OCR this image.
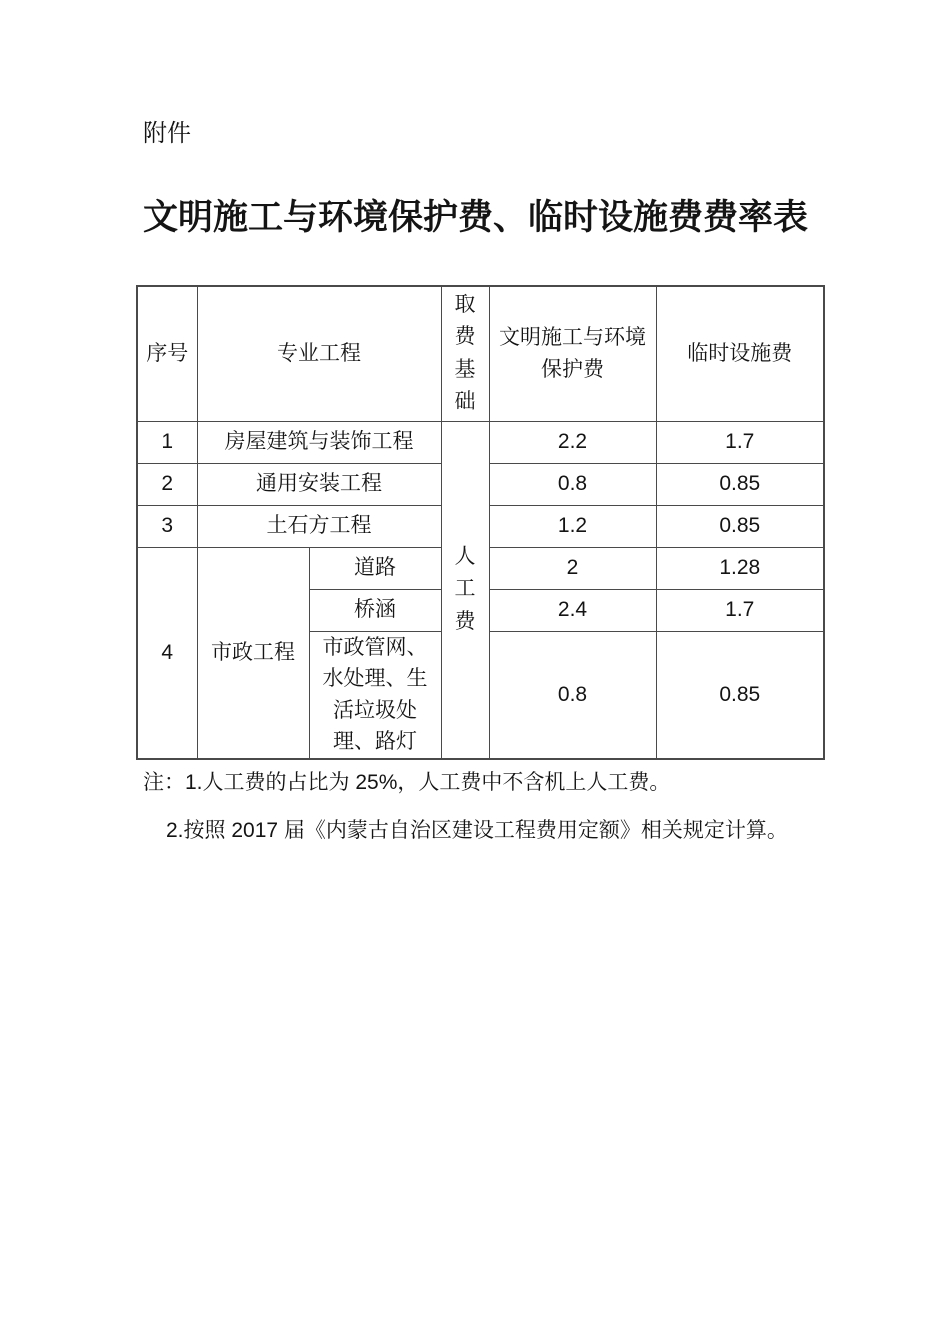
附件
文明施工与环境保护费、临时设施费费率表
序号	专业工程		取费基础	文明施工与环境保护费	临时设施费
1	房屋建筑与装饰工程		人工费	2.2	1.7
2	通用安装工程			0.8	0.85
3	土石方工程			1.2	0.85
4	市政工程	道路		2	1.28
		桥涵		2.4	1.7
		市政管网、水处理、生活垃圾处理、路灯		0.8	0.85
注：1.人工费的占比为 25%，人工费中不含机上人工费。
2.按照 2017 届《内蒙古自治区建设工程费用定额》相关规定计算。
